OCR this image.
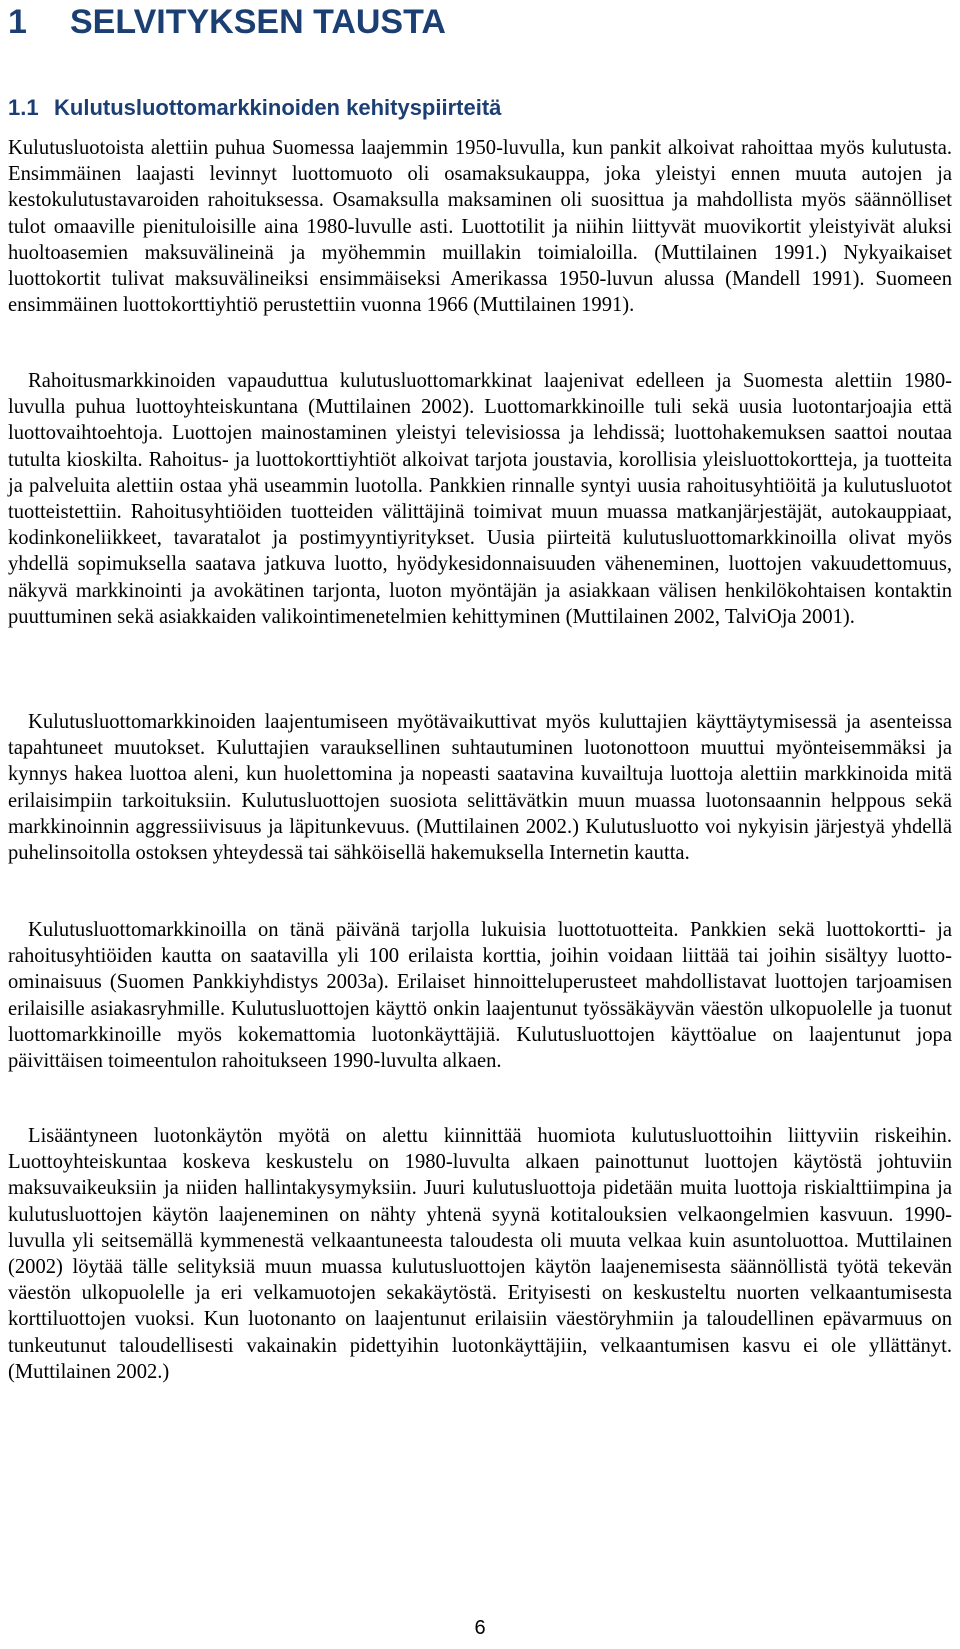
1 SELVITYKSEN TAUSTA
1.1 Kulutusluottomarkkinoiden kehityspiirteitä

Kulutusluotoista alettiin puhua Suomessa laajemmin 1950-luvulla, kun pankit alkoivat rahoittaa myös kulutusta. Ensimmäinen laajasti levinnyt luottomuoto oli osamaksukauppa, joka yleistyi ennen muuta autojen ja kestokulutustavaroiden rahoituksessa. Osamaksulla maksaminen oli suosittua ja mahdollista myös säännölliset tulot omaaville pienituloisille aina 1980-luvulle asti. Luottotilit ja niihin liittyvät muovikortit yleistyivät aluksi huoltoasemien maksuvälineinä ja myöhemmin muillakin toimialoilla. (Muttilainen 1991.) Nykyaikaiset luottokortit tulivat maksuvälineiksi ensimmäiseksi Amerikassa 1950-luvun alussa (Mandell 1991). Suomeen ensimmäinen luottokorttiyhtiö perustettiin vuonna 1966 (Muttilainen 1991).

Rahoitusmarkkinoiden vapauduttua kulutusluottomarkkinat laajenivat edelleen ja Suomesta alettiin 1980-luvulla puhua luottoyhteiskuntana (Muttilainen 2002). Luottomarkkinoille tuli sekä uusia luotontarjoajia että luottovaihtoehtoja. Luottojen mainostaminen yleistyi televisiossa ja lehdissä; luottohakemuksen saattoi noutaa tutulta kioskilta. Rahoitus- ja luottokorttiyhtiöt alkoivat tarjota joustavia, korollisia yleisluottokortteja, ja tuotteita ja palveluita alettiin ostaa yhä useammin luotolla. Pankkien rinnalle syntyi uusia rahoitusyhtiöitä ja kulutusluotot tuotteistettiin. Rahoitusyhtiöiden tuotteiden välittäjinä toimivat muun muassa matkanjärjestäjät, autokauppiaat, kodinkoneliikkeet, tavaratalot ja postimyyntiyritykset. Uusia piirteitä kulutusluottomarkkinoilla olivat myös yhdellä sopimuksella saatava jatkuva luotto, hyödykesidonnaisuuden väheneminen, luottojen vakuudettomuus, näkyvä markkinointi ja avokätinen tarjonta, luoton myöntäjän ja asiakkaan välisen henkilökohtaisen kontaktin puuttuminen sekä asiakkaiden valikointimenetelmien kehittyminen (Muttilainen 2002, TalviOja 2001).

Kulutusluottomarkkinoiden laajentumiseen myötävaikuttivat myös kuluttajien käyttäytymisessä ja asenteissa tapahtuneet muutokset. Kuluttajien varauksellinen suhtautuminen luotonottoon muuttui myönteisemmäksi ja kynnys hakea luottoa aleni, kun huolettomina ja nopeasti saatavina kuvailtuja luottoja alettiin markkinoida mitä erilaisimpiin tarkoituksiin. Kulutusluottojen suosiota selittävätkin muun muassa luotonsaannin helppous sekä markkinoinnin aggressiivisuus ja läpitunkevuus. (Muttilainen 2002.) Kulutusluotto voi nykyisin järjestyä yhdellä puhelinsoitolla ostoksen yhteydessä tai sähköisellä hakemuksella Internetin kautta.

Kulutusluottomarkkinoilla on tänä päivänä tarjolla lukuisia luottotuotteita. Pankkien sekä luottokortti- ja rahoitusyhtiöiden kautta on saatavilla yli 100 erilaista korttia, joihin voidaan liittää tai joihin sisältyy luotto-ominaisuus (Suomen Pankkiyhdistys 2003a). Erilaiset hinnoitteluperusteet mahdollistavat luottojen tarjoamisen erilaisille asiakasryhmille. Kulutusluottojen käyttö onkin laajentunut työssäkäyvän väestön ulkopuolelle ja tuonut luottomarkkinoille myös kokemattomia luotonkäyttäjiä. Kulutusluottojen käyttöalue on laajentunut jopa päivittäisen toimeentulon rahoitukseen 1990-luvulta alkaen.

Lisääntyneen luotonkäytön myötä on alettu kiinnittää huomiota kulutusluottoihin liittyviin riskeihin. Luottoyhteiskuntaa koskeva keskustelu on 1980-luvulta alkaen painottunut luottojen käytöstä johtuviin maksuvaikeuksiin ja niiden hallintakysymyksiin. Juuri kulutusluottoja pidetään muita luottoja riskialttiimpina ja kulutusluottojen käytön laajeneminen on nähty yhtenä syynä kotitalouksien velkaongelmien kasvuun. 1990-luvulla yli seitsemällä kymmenestä velkaantuneesta taloudesta oli muuta velkaa kuin asuntoluottoa. Muttilainen (2002) löytää tälle selityksiä muun muassa kulutusluottojen käytön laajenemisesta säännöllistä työtä tekevän väestön ulkopuolelle ja eri velkamuotojen sekakäytöstä. Erityisesti on keskusteltu nuorten velkaantumisesta korttiluottojen vuoksi. Kun luotonanto on laajentunut erilaisiin väestöryhmiin ja taloudellinen epävarmuus on tunkeutunut taloudellisesti vakainakin pidettyihin luotonkäyttäjiin, velkaantumisen kasvu ei ole yllättänyt. (Muttilainen 2002.)

6
